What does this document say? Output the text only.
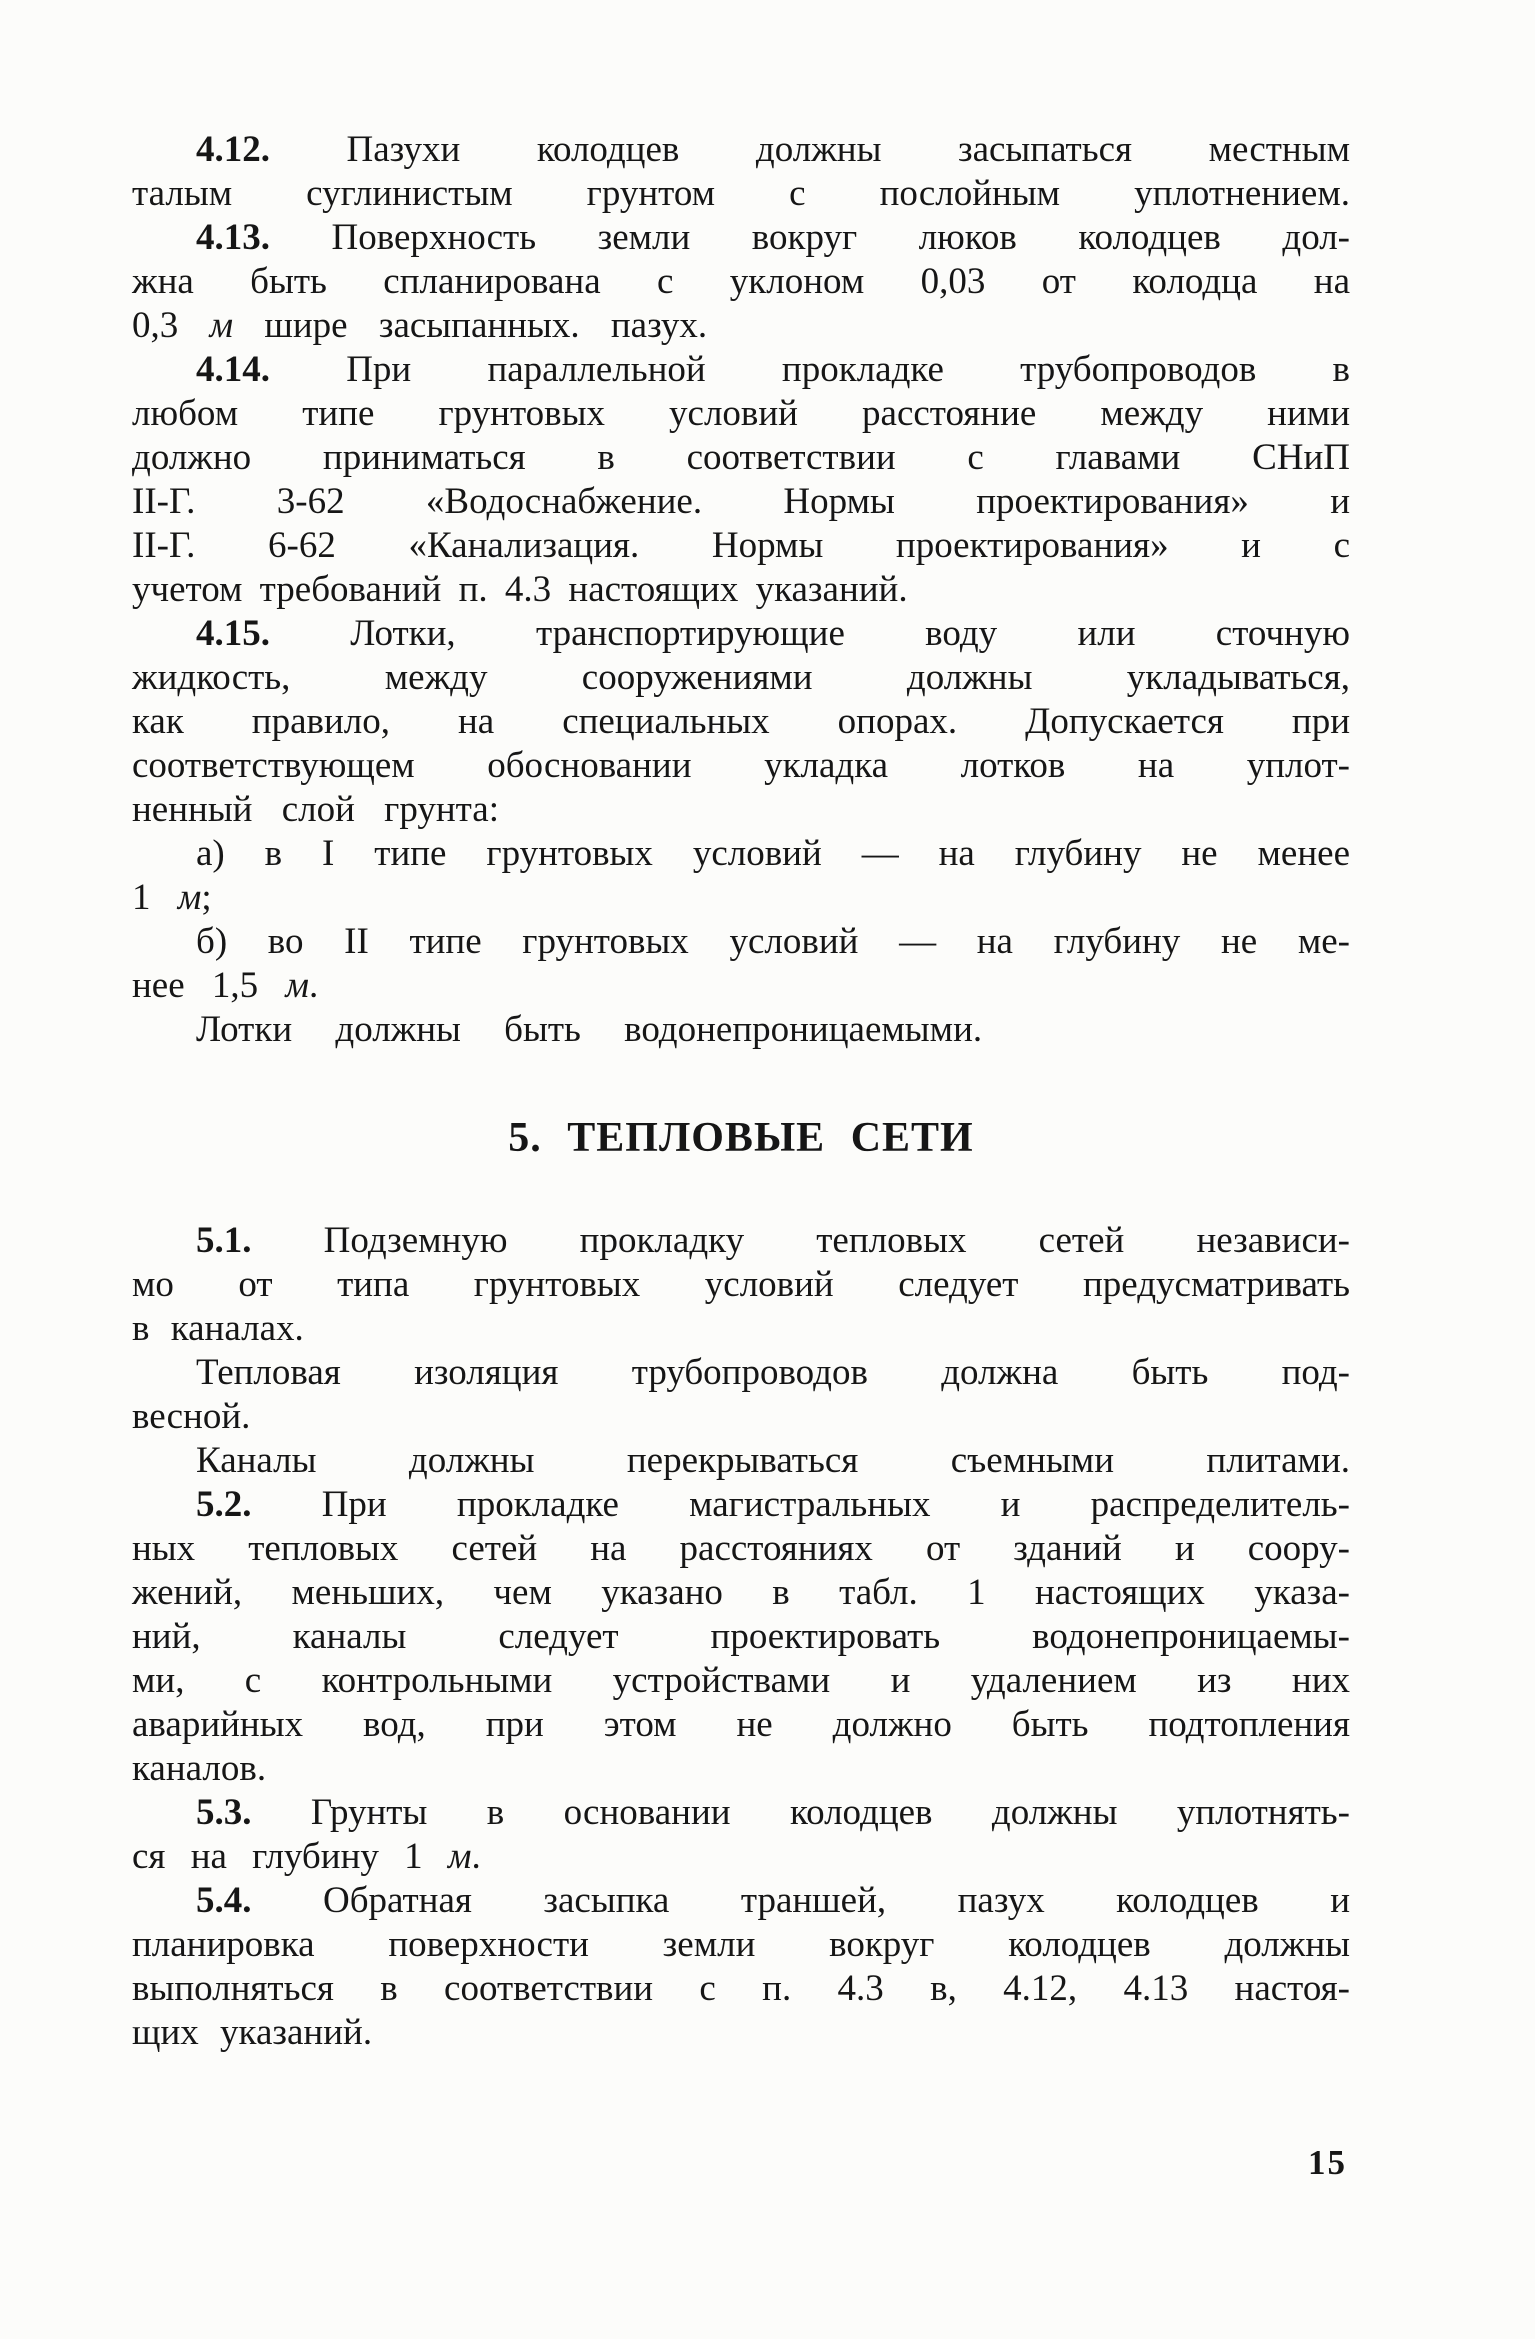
4.12. Пазухи колодцев должны засыпаться местным
талым суглинистым грунтом с послойным уплотнением.
4.13. Поверхность земли вокруг люков колодцев дол-
жна быть спланирована с уклоном 0,03 от колодца на
0,3 м шире засыпанных. пазух.
4.14. При параллельной прокладке трубопроводов в
любом типе грунтовых условий расстояние между ними
должно приниматься в соответствии с главами СНиП
II-Г. 3-62 «Водоснабжение. Нормы проектирования» и
II-Г. 6-62 «Канализация. Нормы проектирования» и с
учетом требований п. 4.3 настоящих указаний.
4.15. Лотки, транспортирующие воду или сточную
жидкость, между сооружениями должны укладываться,
как правило, на специальных опорах. Допускается при
соответствующем обосновании укладка лотков на уплот-
ненный слой грунта:
а) в I типе грунтовых условий — на глубину не менее
1 м;
б) во II типе грунтовых условий — на глубину не ме-
нее 1,5 м.
Лотки должны быть водонепроницаемыми.
5. ТЕПЛОВЫЕ СЕТИ
5.1. Подземную прокладку тепловых сетей независи-
мо от типа грунтовых условий следует предусматривать
в каналах.
Тепловая изоляция трубопроводов должна быть под-
весной.
Каналы должны перекрываться съемными плитами.
5.2. При прокладке магистральных и распределитель-
ных тепловых сетей на расстояниях от зданий и соору-
жений, меньших, чем указано в табл. 1 настоящих указа-
ний, каналы следует проектировать водонепроницаемы-
ми, с контрольными устройствами и удалением из них
аварийных вод, при этом не должно быть подтопления
каналов.
5.3. Грунты в основании колодцев должны уплотнять-
ся на глубину 1 м.
5.4. Обратная засыпка траншей, пазух колодцев и
планировка поверхности земли вокруг колодцев должны
выполняться в соответствии с п. 4.3 в, 4.12, 4.13 настоя-
щих указаний.
15
